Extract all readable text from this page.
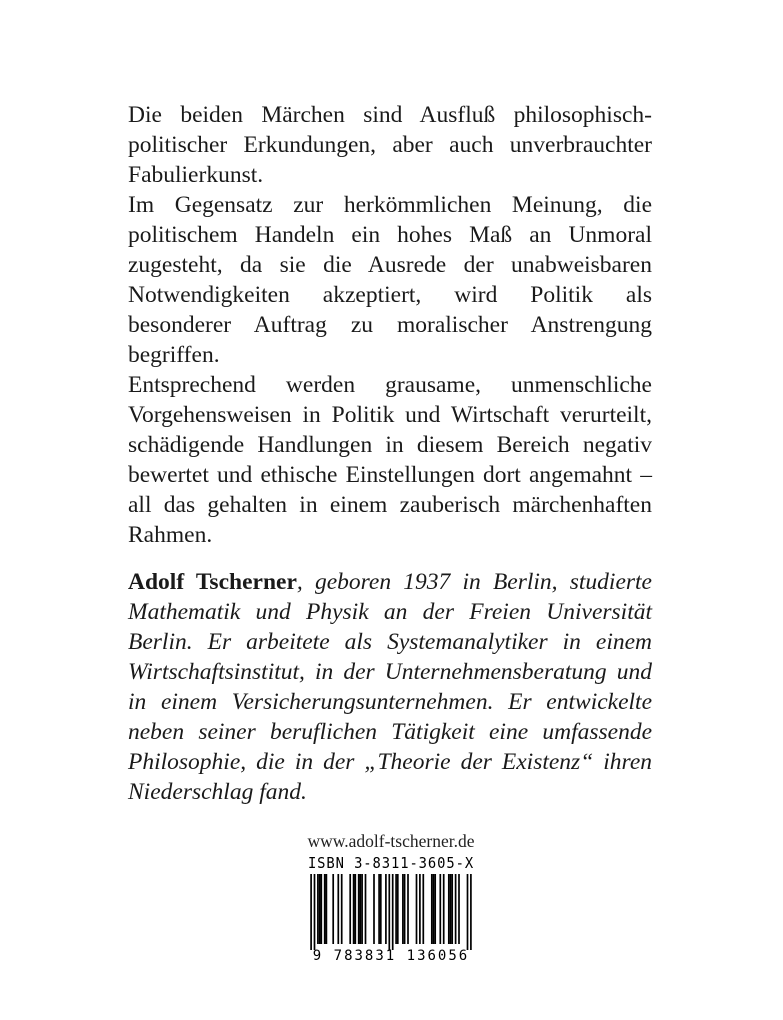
Die beiden Märchen sind Ausfluß philosophisch-politischer Erkundungen, aber auch unverbrauchter Fabulierkunst.

Im Gegensatz zur herkömmlichen Meinung, die politischem Handeln ein hohes Maß an Unmoral zugesteht, da sie die Ausrede der unabweisbaren Notwendigkeiten akzeptiert, wird Politik als besonderer Auftrag zu moralischer Anstrengung begriffen.

Entsprechend werden grausame, unmenschliche Vorgehensweisen in Politik und Wirtschaft verurteilt, schädigende Handlungen in diesem Bereich negativ bewertet und ethische Einstellungen dort angemahnt – all das gehalten in einem zauberisch märchenhaften Rahmen.

Adolf Tscherner, geboren 1937 in Berlin, studierte Mathematik und Physik an der Freien Universität Berlin. Er arbeitete als Systemanalytiker in einem Wirtschaftsinstitut, in der Unternehmensberatung und in einem Versicherungsunternehmen. Er entwickelte neben seiner beruflichen Tätigkeit eine umfassende Philosophie, die in der „Theorie der Existenz“ ihren Niederschlag fand.
www.adolf-tscherner.de
ISBN 3-8311-3605-X
9 783831 136056
